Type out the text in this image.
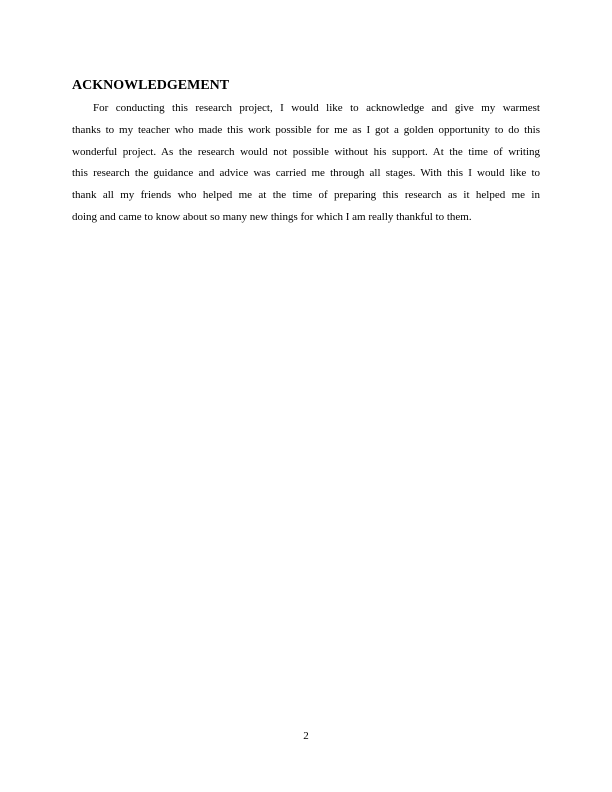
ACKNOWLEDGEMENT
For conducting this research project, I would like to acknowledge and give my warmest
thanks to my teacher who made this work possible for me as I got a golden opportunity to do this
wonderful project. As the research would not possible without his support. At the time of writing
this research the guidance and advice was carried me through all stages. With this I would like to
thank all my friends who helped me at the time of preparing this research as it helped me in
doing and came to know about so many new things for which I am really thankful to them.

2
